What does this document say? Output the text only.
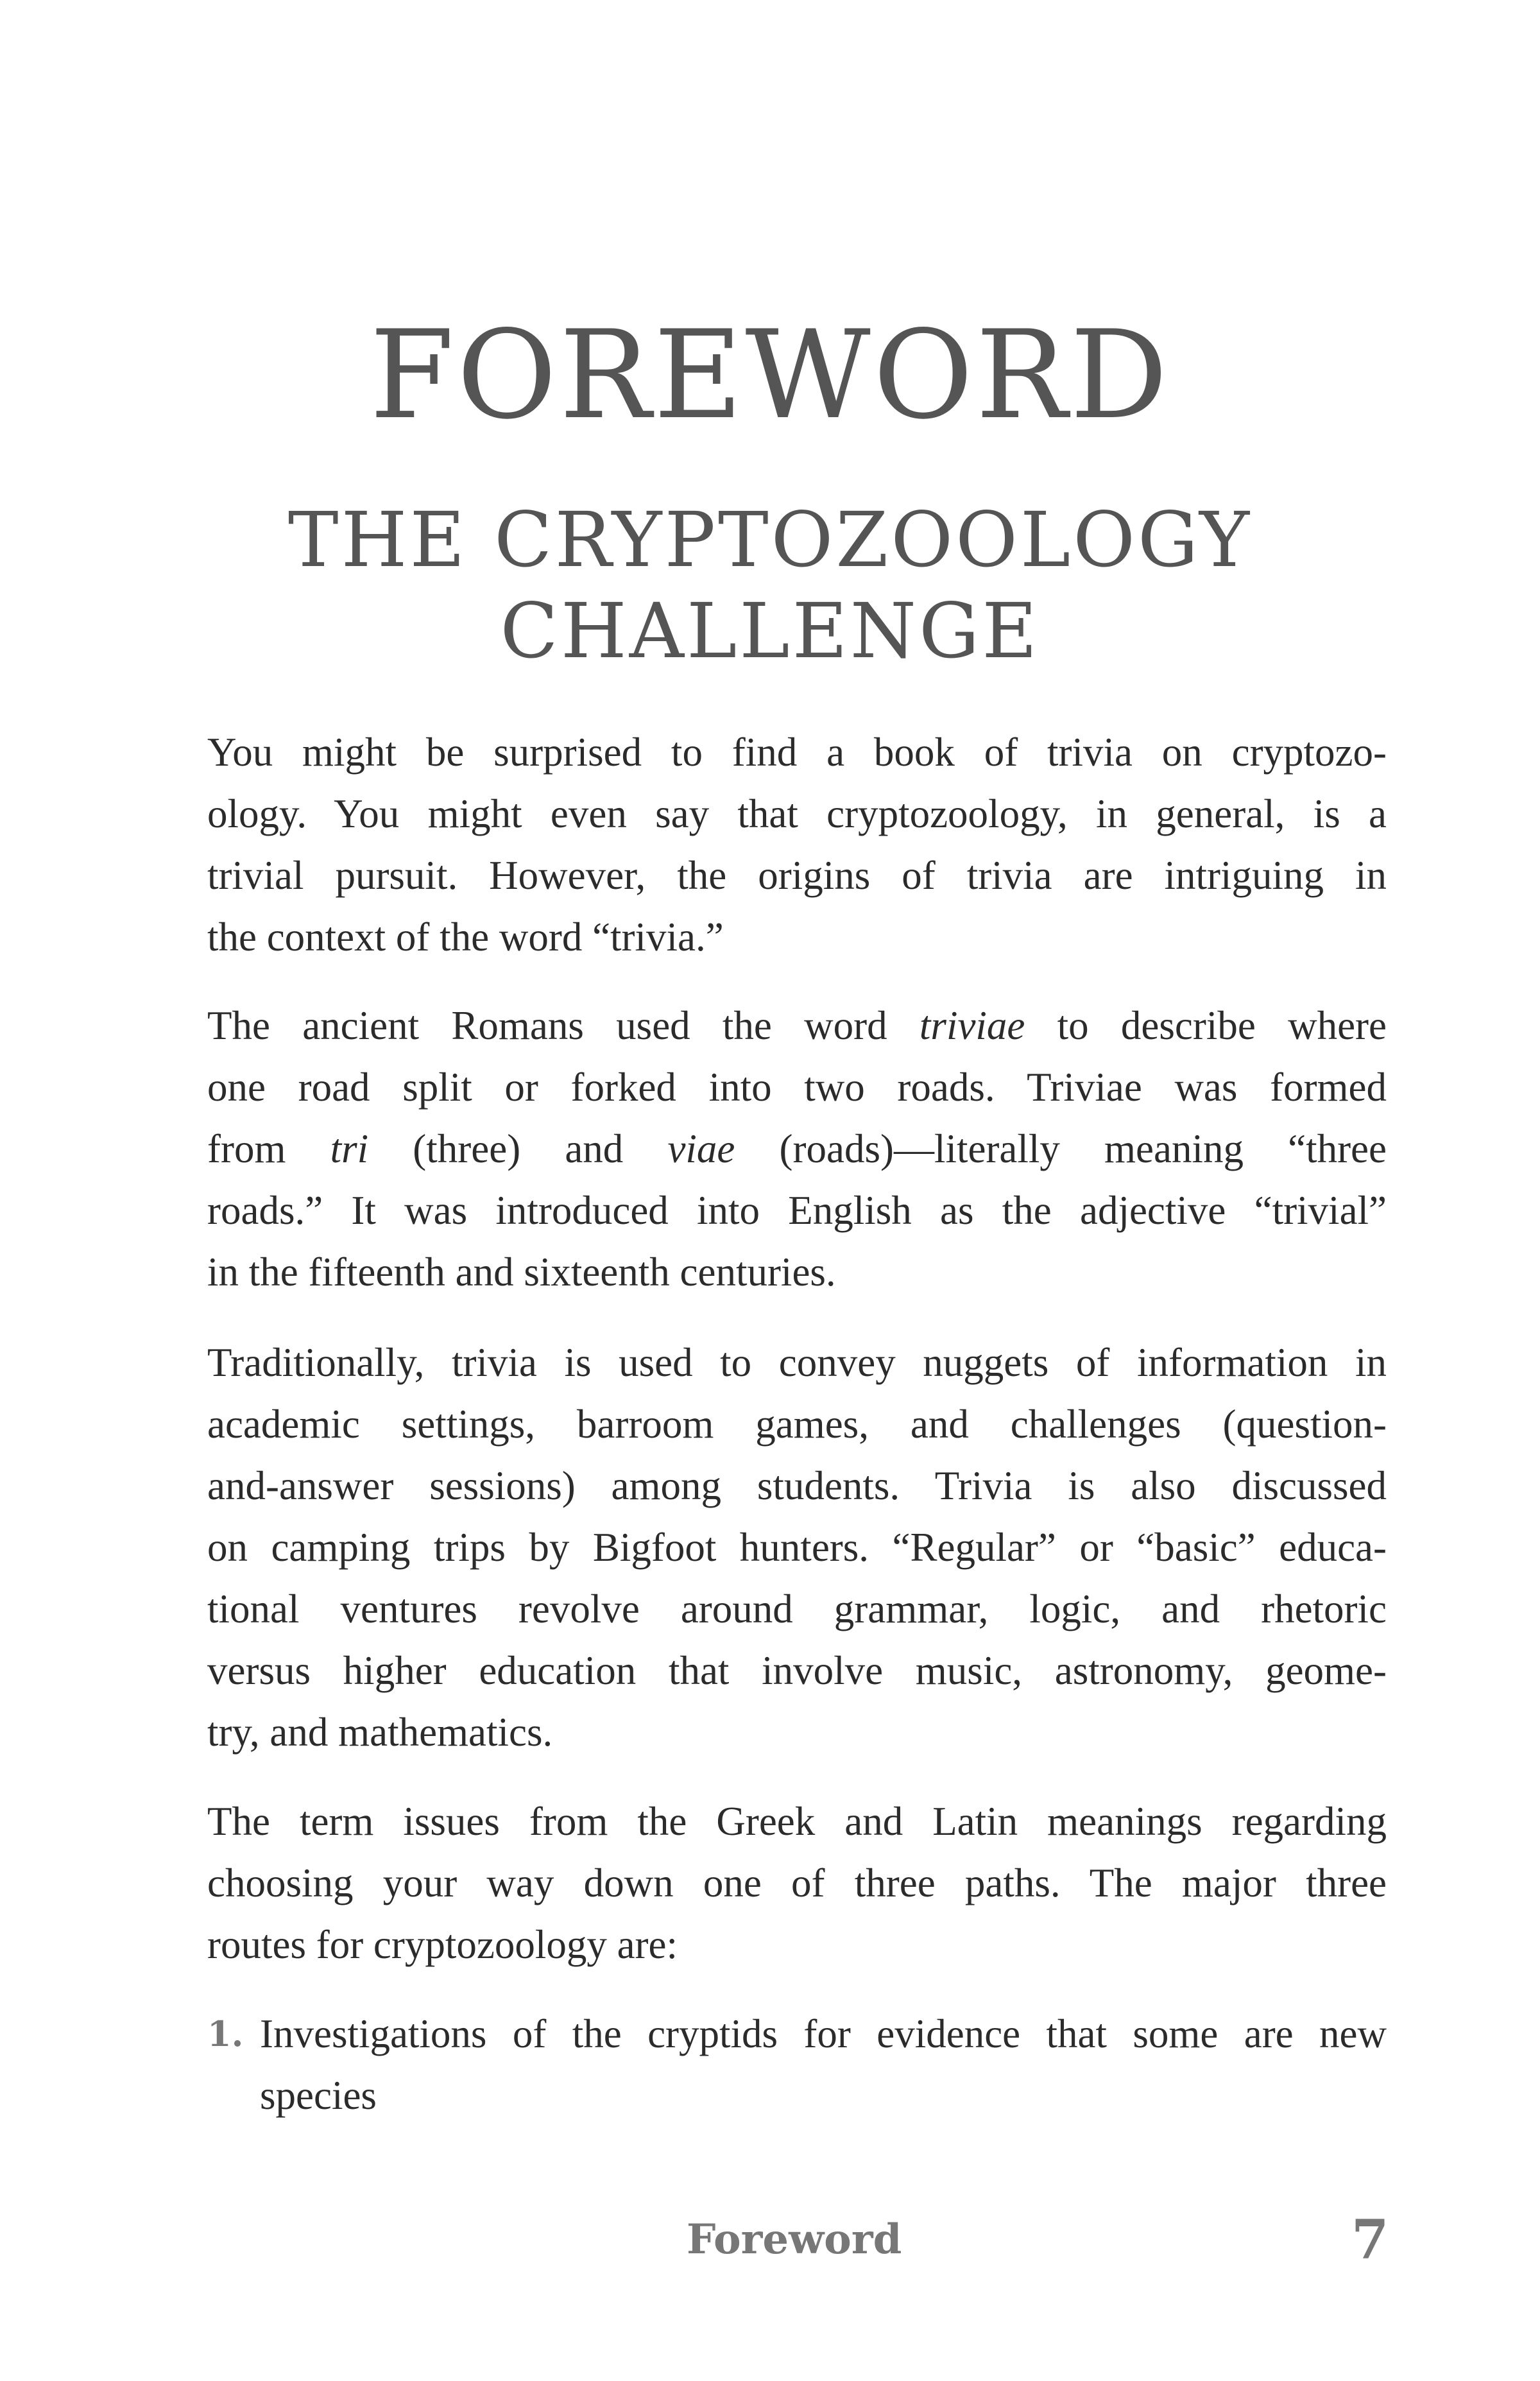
FOREWORD
THE CRYPTOZOOLOGY
CHALLENGE
You might be surprised to find a book of trivia on cryptozo-
ology. You might even say that cryptozoology, in general, is a
trivial pursuit. However, the origins of trivia are intriguing in
the context of the word “trivia.”
The ancient Romans used the word triviae to describe where
one road split or forked into two roads. Triviae was formed
from tri (three) and viae (roads)—literally meaning “three
roads.” It was introduced into English as the adjective “trivial”
in the fifteenth and sixteenth centuries.
Traditionally, trivia is used to convey nuggets of information in
academic settings, barroom games, and challenges (question-
and-answer sessions) among students. Trivia is also discussed
on camping trips by Bigfoot hunters. “Regular” or “basic” educa-
tional ventures revolve around grammar, logic, and rhetoric
versus higher education that involve music, astronomy, geome-
try, and mathematics.
The term issues from the Greek and Latin meanings regarding
choosing your way down one of three paths. The major three
routes for cryptozoology are:
1. Investigations of the cryptids for evidence that some are new
species
Foreword	7
